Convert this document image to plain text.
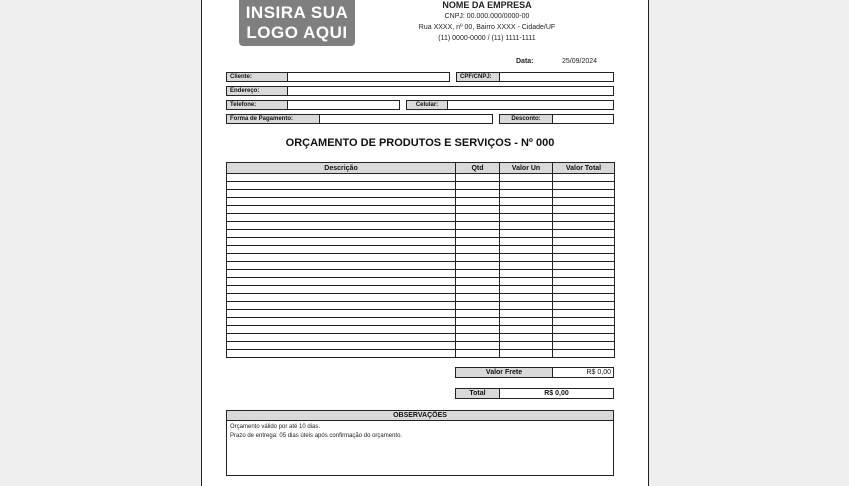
INSIRA SUA
LOGO AQUI
NOME DA EMPRESA
CNPJ: 00.000.000/0000-00
Rua XXXX, nº 00, Bairro XXXX - Cidade/UF
(11) 0000-0000 / (11) 1111-1111
Data:	25/09/2024
Cliente:	CPF/CNPJ:
Endereço:
Telefone:	Celular:
Forma de Pagamento:	Desconto:
ORÇAMENTO DE PRODUTOS E SERVIÇOS - Nº 000
Descrição	Qtd	Valor Un	Valor Total

Valor Frete	R$ 0,00
Total	R$ 0,00
OBSERVAÇÕES
Orçamento válido por até 10 dias.
Prazo de entrega: 05 dias úteis após confirmação do orçamento.
